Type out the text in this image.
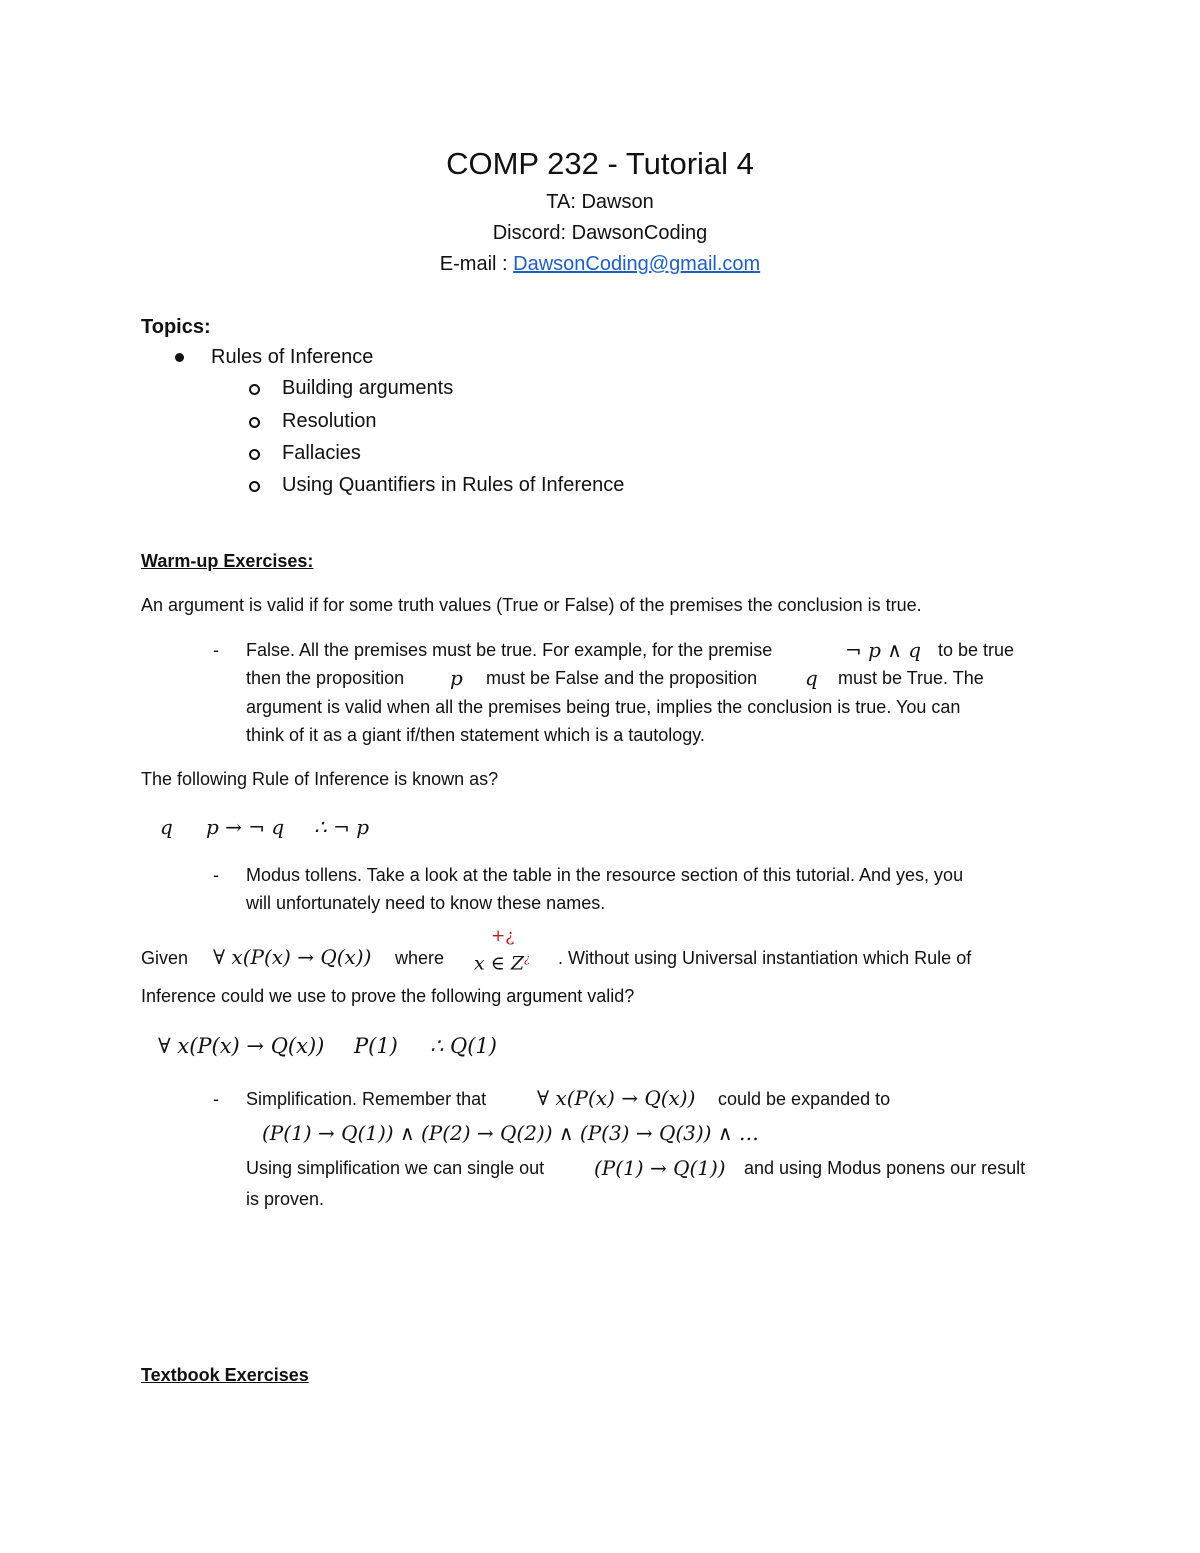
COMP 232 - Tutorial 4
TA: Dawson
Discord: DawsonCoding
E-mail : DawsonCoding@gmail.com
Topics:
Rules of Inference
Building arguments
Resolution
Fallacies
Using Quantifiers in Rules of Inference
Warm-up Exercises:
An argument is valid if for some truth values (True or False) of the premises the conclusion is true.
- False. All the premises must be true. For example, for the premise	¬ p ∧ q to be true
then the proposition p must be False and the proposition q must be True. The
argument is valid when all the premises being true, implies the conclusion is true. You can
think of it as a giant if/then statement which is a tautology.
The following Rule of Inference is known as?
q p → ¬ q ∴ ¬ p
- Modus tollens. Take a look at the table in the resource section of this tutorial. And yes, you
will unfortunately need to know these names.
Given ∀ x(P(x) → Q(x)) where
+¿
x ∈ Z¿ . Without using Universal instantiation which Rule of
Inference could we use to prove the following argument valid?
∀ x(P(x) → Q(x)) P(1) ∴ Q(1)
- Simplification. Remember that	∀ x(P(x) → Q(x)) could be expanded to
(P(1) → Q(1)) ∧ (P(2) → Q(2)) ∧ (P(3) → Q(3)) ∧ …
Using simplification we can single out (P(1) → Q(1)) and using Modus ponens our result
is proven.
Textbook Exercises
